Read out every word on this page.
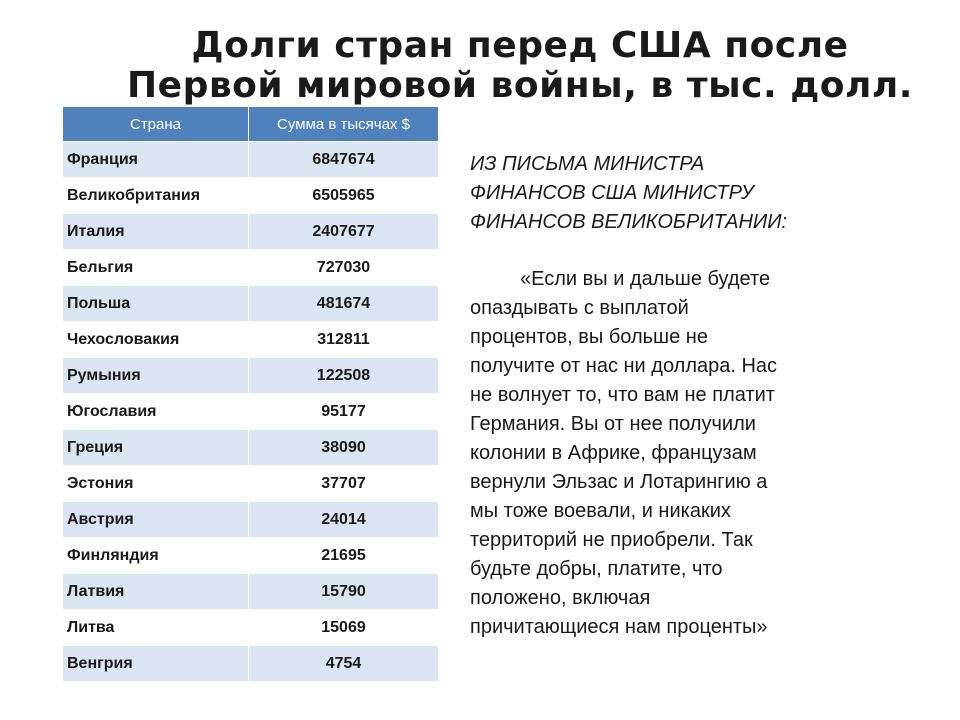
Долги стран перед США после
Первой мировой войны, в тыс. долл.
Страна	Сумма в тысячах $
Франция	6847674
Великобритания	6505965
Италия	2407677
Бельгия	727030
Польша	481674
Чехословакия	312811
Румыния	122508
Югославия	95177
Греция	38090
Эстония	37707
Австрия	24014
Финляндия	21695
Латвия	15790
Литва	15069
Венгрия	4754
ИЗ ПИСЬМА МИНИСТРА
ФИНАНСОВ США МИНИСТРУ
ФИНАНСОВ ВЕЛИКОБРИТАНИИ:
«Если вы и дальше будете
опаздывать с выплатой
процентов, вы больше не
получите от нас ни доллара. Нас
не волнует то, что вам не платит
Германия. Вы от нее получили
колонии в Африке, французам
вернули Эльзас и Лотарингию а
мы тоже воевали, и никаких
территорий не приобрели. Так
будьте добры, платите, что
положено, включая
причитающиеся нам проценты»
